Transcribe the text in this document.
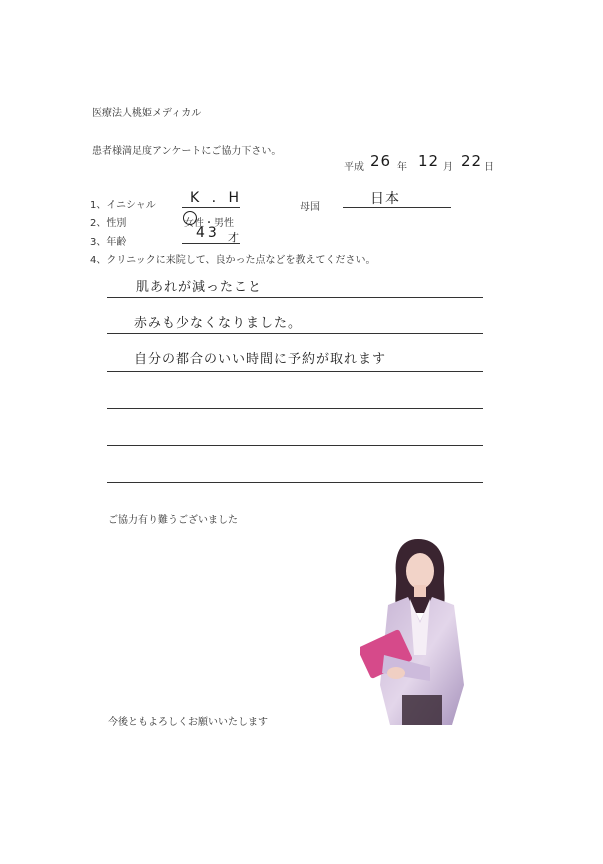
医療法人桃姫メディカル
患者様満足度アンケートにご協力下さい。
平成 26 年 12 月 22 日
1、イニシャル K . H
母国
日本
2、性別	女性・男性
3、年齢
43 才
4、クリニックに来院して、良かった点などを教えてください。
肌あれが減ったこと
赤みも少なくなりました。
自分の都合のいい時間に予約が取れます
ご協力有り難うございました
今後ともよろしくお願いいたします
